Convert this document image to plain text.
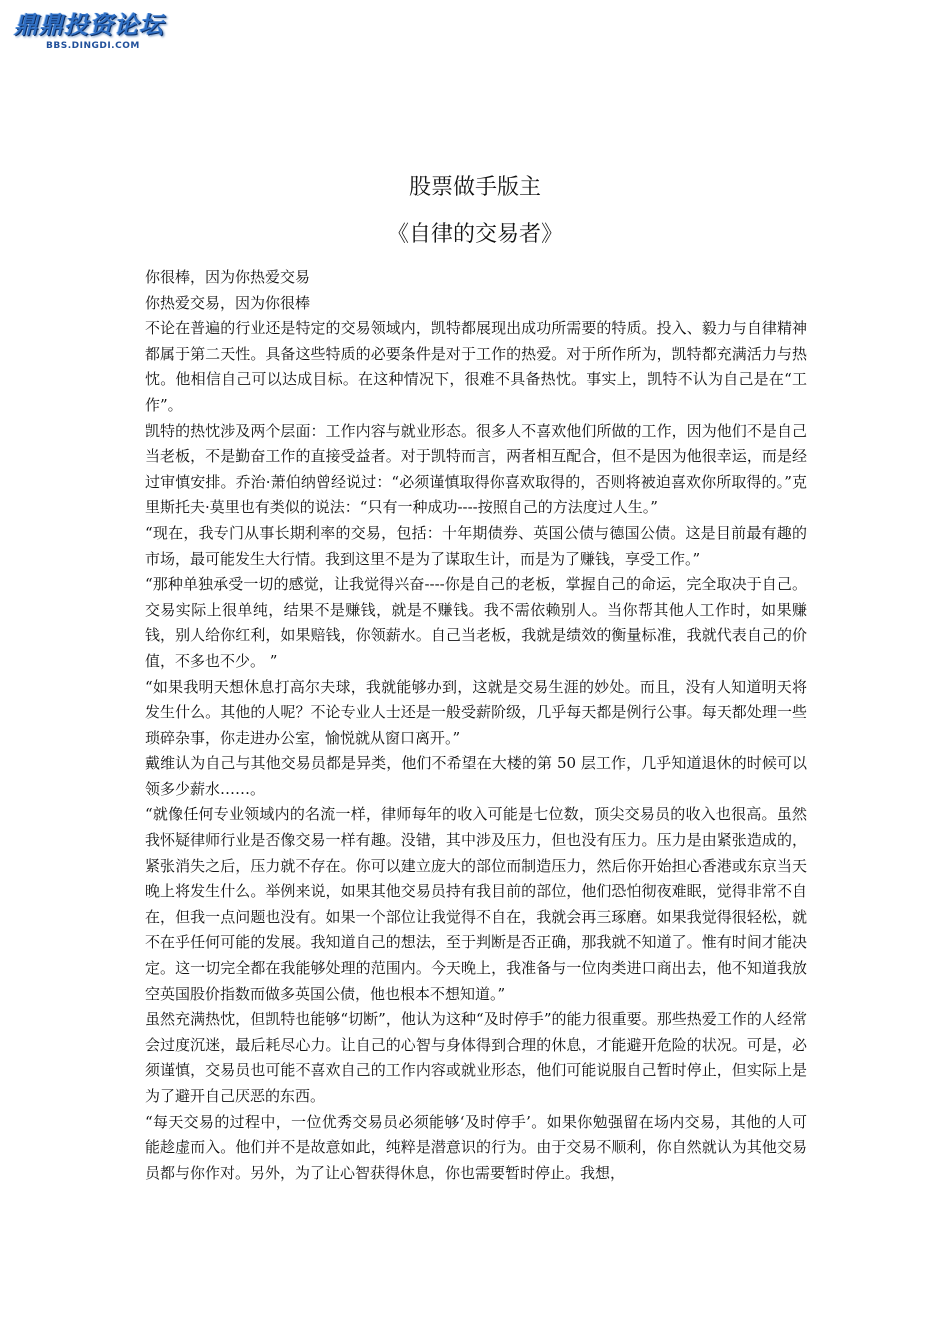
鼎鼎投资论坛
BBS.DINGDI.COM
股票做手版主
《自律的交易者》

你很棒，因为你热爱交易

你热爱交易，因为你很棒

不论在普遍的行业还是特定的交易领域内，凯特都展现出成功所需要的特质。投入、毅力与自律精神都属于第二天性。具备这些特质的必要条件是对于工作的热爱。对于所作所为，凯特都充满活力与热忱。他相信自己可以达成目标。在这种情况下，很难不具备热忱。事实上，凯特不认为自己是在“工作”。

凯特的热忱涉及两个层面：工作内容与就业形态。很多人不喜欢他们所做的工作，因为他们不是自己当老板，不是勤奋工作的直接受益者。对于凯特而言，两者相互配合，但不是因为他很幸运，而是经过审慎安排。乔治·萧伯纳曾经说过：“必须谨慎取得你喜欢取得的，否则将被迫喜欢你所取得的。”克里斯托夫·莫里也有类似的说法：“只有一种成功----按照自己的方法度过人生。”

“现在，我专门从事长期利率的交易，包括：十年期债券、英国公债与德国公债。这是目前最有趣的市场，最可能发生大行情。我到这里不是为了谋取生计，而是为了赚钱，享受工作。”

“那种单独承受一切的感觉，让我觉得兴奋----你是自己的老板，掌握自己的命运，完全取决于自己。交易实际上很单纯，结果不是赚钱，就是不赚钱。我不需依赖别人。当你帮其他人工作时，如果赚钱，别人给你红利，如果赔钱，你领薪水。自己当老板，我就是绩效的衡量标准，我就代表自己的价值，不多也不少。 ”

“如果我明天想休息打高尔夫球，我就能够办到，这就是交易生涯的妙处。而且，没有人知道明天将发生什么。其他的人呢？不论专业人士还是一般受薪阶级，几乎每天都是例行公事。每天都处理一些琐碎杂事，你走进办公室，愉悦就从窗口离开。”

戴维认为自己与其他交易员都是异类，他们不希望在大楼的第 50 层工作，几乎知道退休的时候可以领多少薪水……。

“就像任何专业领域内的名流一样，律师每年的收入可能是七位数，顶尖交易员的收入也很高。虽然我怀疑律师行业是否像交易一样有趣。没错，其中涉及压力，但也没有压力。压力是由紧张造成的，紧张消失之后，压力就不存在。你可以建立庞大的部位而制造压力，然后你开始担心香港或东京当天晚上将发生什么。举例来说，如果其他交易员持有我目前的部位，他们恐怕彻夜难眠，觉得非常不自在，但我一点问题也没有。如果一个部位让我觉得不自在，我就会再三琢磨。如果我觉得很轻松，就不在乎任何可能的发展。我知道自己的想法，至于判断是否正确，那我就不知道了。惟有时间才能决定。这一切完全都在我能够处理的范围内。今天晚上，我准备与一位肉类进口商出去，他不知道我放空英国股价指数而做多英国公债，他也根本不想知道。”

虽然充满热忱，但凯特也能够“切断”，他认为这种“及时停手”的能力很重要。那些热爱工作的人经常会过度沉迷，最后耗尽心力。让自己的心智与身体得到合理的休息，才能避开危险的状况。可是，必须谨慎，交易员也可能不喜欢自己的工作内容或就业形态，他们可能说服自己暂时停止，但实际上是为了避开自己厌恶的东西。

“每天交易的过程中，一位优秀交易员必须能够‘及时停手’。如果你勉强留在场内交易，其他的人可能趁虚而入。他们并不是故意如此，纯粹是潜意识的行为。由于交易不顺利，你自然就认为其他交易员都与你作对。另外，为了让心智获得休息，你也需要暂时停止。我想，
